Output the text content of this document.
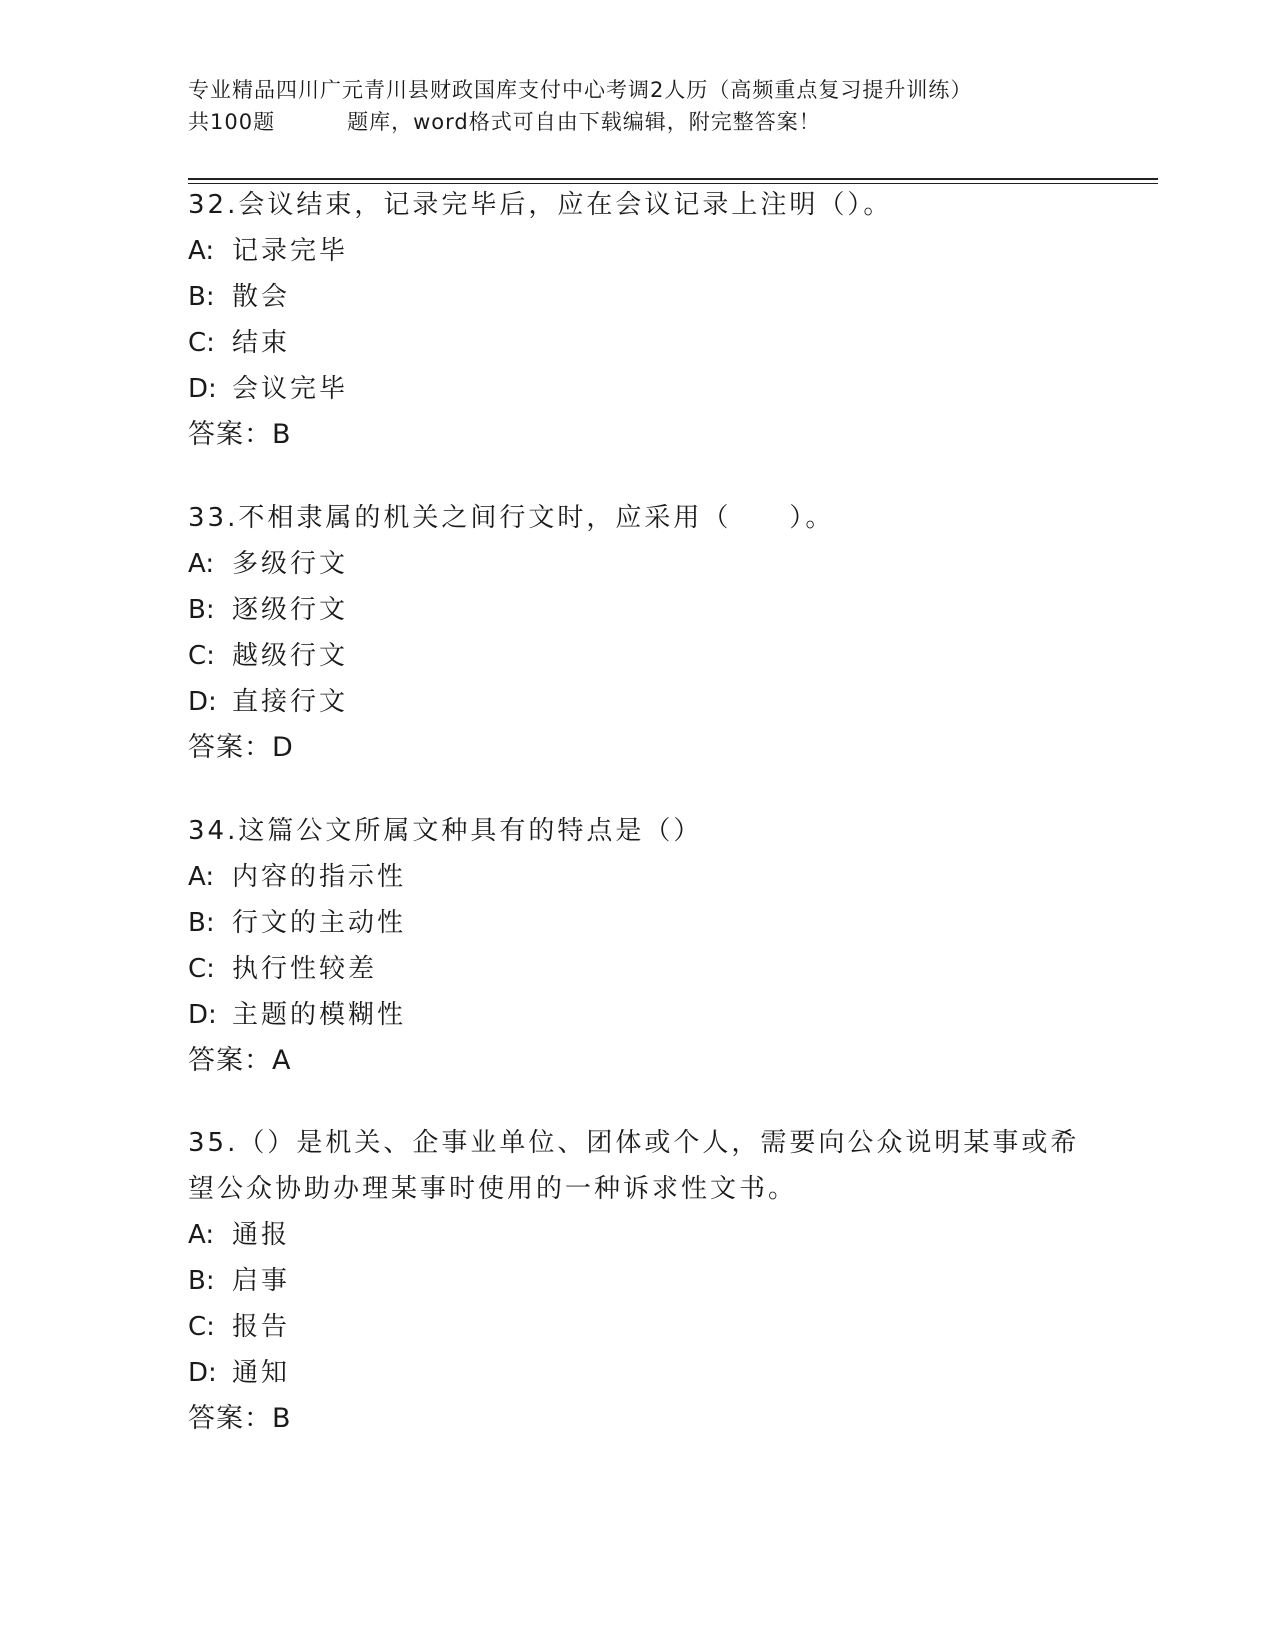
专业精品四川广元青川县财政国库支付中心考调2人历（高频重点复习提升训练）
共100题	题库，word格式可自由下载编辑，附完整答案！
32.会议结束，记录完毕后，应在会议记录上注明（）。
A: 记录完毕
B: 散会
C: 结束
D: 会议完毕
答案：B
33.不相隶属的机关之间行文时，应采用（　　）。
A: 多级行文
B: 逐级行文
C: 越级行文
D: 直接行文
答案：D
34.这篇公文所属文种具有的特点是（）
A: 内容的指示性
B: 行文的主动性
C: 执行性较差
D: 主题的模糊性
答案：A
35.（）是机关、企事业单位、团体或个人，需要向公众说明某事或希望公众协助办理某事时使用的一种诉求性文书。
A: 通报
B: 启事
C: 报告
D: 通知
答案：B
